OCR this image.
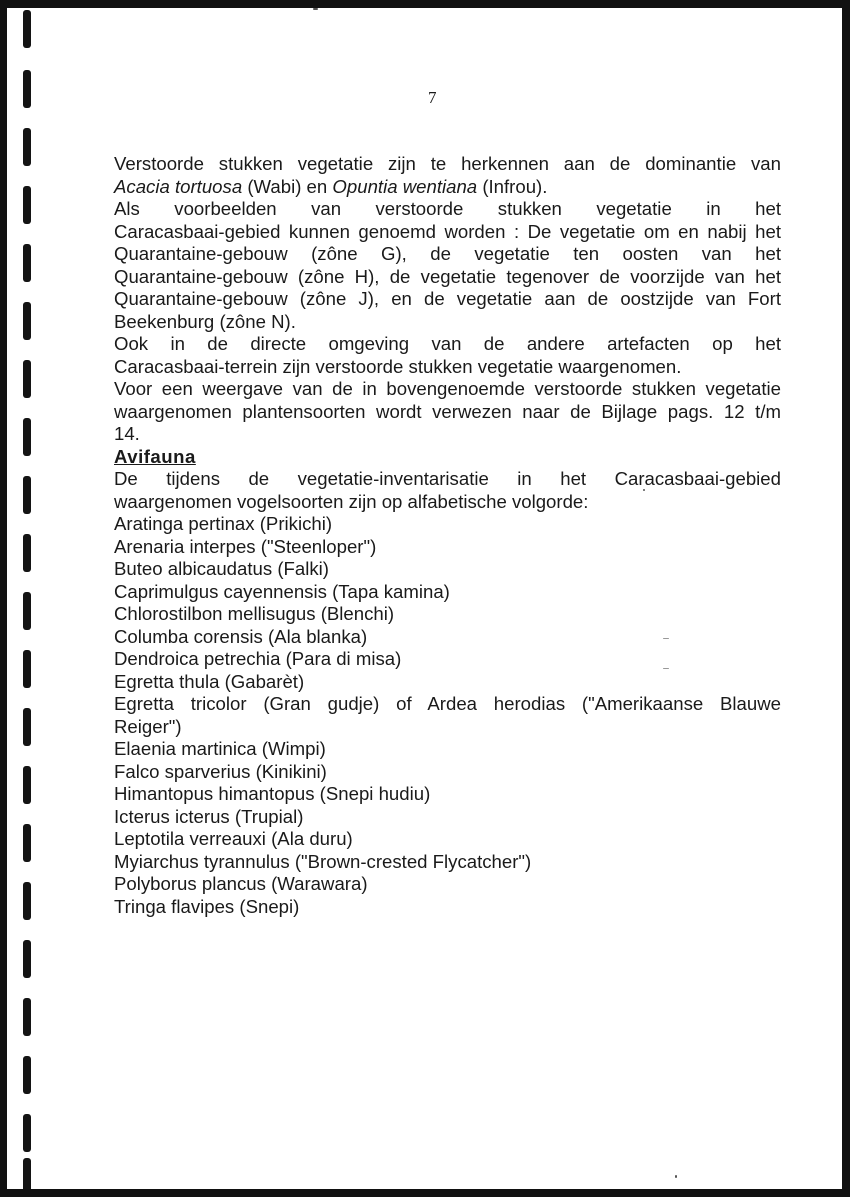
7

Verstoorde stukken vegetatie zijn te herkennen aan de dominantie van
Acacia tortuosa (Wabi) en Opuntia wentiana (Infrou).

Als voorbeelden van verstoorde stukken vegetatie in het
Caracasbaai-gebied kunnen genoemd worden : De vegetatie om en nabij het
Quarantaine-gebouw (zône G), de vegetatie ten oosten van het
Quarantaine-gebouw (zône H), de vegetatie tegenover de voorzijde van het
Quarantaine-gebouw (zône J), en de vegetatie aan de oostzijde van Fort
Beekenburg (zône N).

Ook in de directe omgeving van de andere artefacten op het
Caracasbaai-terrein zijn verstoorde stukken vegetatie waargenomen.

Voor een weergave van de in bovengenoemde verstoorde stukken vegetatie
waargenomen plantensoorten wordt verwezen naar de Bijlage pags. 12 t/m
14.

Avifauna

De tijdens de vegetatie-inventarisatie in het Caracasbaai-gebied
waargenomen vogelsoorten zijn op alfabetische volgorde:

Aratinga pertinax (Prikichi)
Arenaria interpes ("Steenloper")
Buteo albicaudatus (Falki)
Caprimulgus cayennensis (Tapa kamina)
Chlorostilbon mellisugus (Blenchi)
Columba corensis (Ala blanka)
Dendroica petrechia (Para di misa)
Egretta thula (Gabarèt)
Egretta tricolor (Gran gudje) of Ardea herodias ("Amerikaanse Blauwe
Reiger")
Elaenia martinica (Wimpi)
Falco sparverius (Kinikini)
Himantopus himantopus (Snepi hudiu)
Icterus icterus (Trupial)
Leptotila verreauxi (Ala duru)
Myiarchus tyrannulus ("Brown-crested Flycatcher")
Polyborus plancus (Warawara)
Tringa flavipes (Snepi)
